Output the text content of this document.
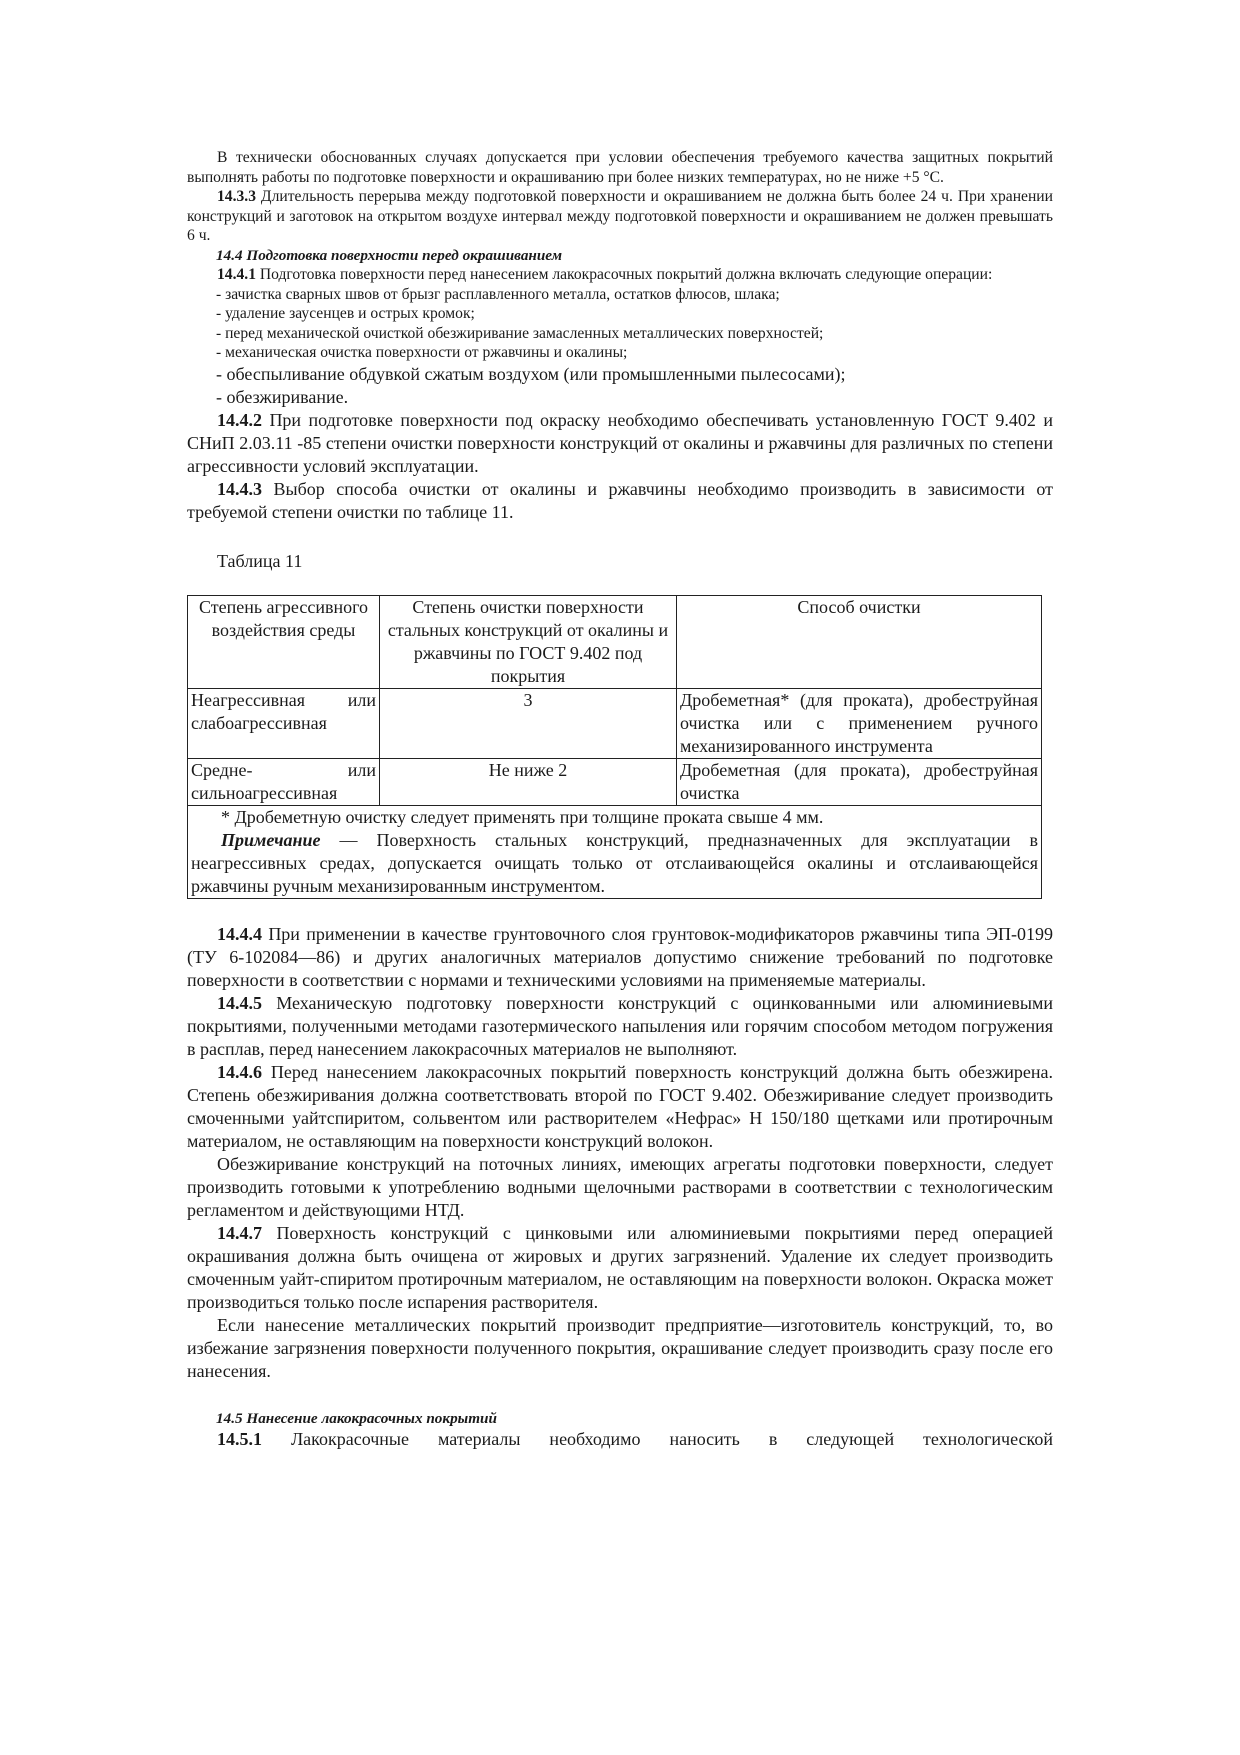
В технически обоснованных случаях допускается при условии обеспечения требуемого качества защитных покрытий выполнять работы по подготовке поверхности и окрашиванию при более низких температурах, но не ниже +5 °С.

14.3.3 Длительность перерыва между подготовкой поверхности и окрашиванием не должна быть более 24 ч. При хранении конструкций и заготовок на открытом воздухе интервал между подготовкой поверхности и окрашиванием не должен превышать 6 ч.

14.4 Подготовка поверхности перед окрашиванием

14.4.1 Подготовка поверхности перед нанесением лакокрасочных покрытий должна включать следующие операции:

- зачистка сварных швов от брызг расплавленного металла, остатков флюсов, шлака;

- удаление заусенцев и острых кромок;

- перед механической очисткой обезжиривание замасленных металлических поверхностей;

- механическая очистка поверхности от ржавчины и окалины;

- обеспыливание обдувкой сжатым воздухом (или промышленными пылесосами);

- обезжиривание.

14.4.2 При подготовке поверхности под окраску необходимо обеспечивать установленную ГОСТ 9.402 и СНиП 2.03.11 -85 степени очистки поверхности конструкций от окалины и ржавчины для различных по степени агрессивности условий эксплуатации.

14.4.3 Выбор способа очистки от окалины и ржавчины необходимо производить в зависимости от требуемой степени очистки по таблице 11.

Таблица 11

Степень агрессивного воздействия среды	Степень очистки поверхности стальных конструкций от окалины и ржавчины по ГОСТ 9.402 под покрытия	Способ очистки
Неагрессивная или слабоагрессивная	3	Дробеметная* (для проката), дробеструйная очистка или с применением ручного механизированного инструмента
Средне- или сильноагрессивная	Не ниже 2	Дробеметная (для проката), дробеструйная очистка

* Дробеметную очистку следует применять при толщине проката свыше 4 мм.

Примечание — Поверхность стальных конструкций, предназначенных для эксплуатации в неагрессивных средах, допускается очищать только от отслаивающейся окалины и отслаивающейся ржавчины ручным механизированным инструментом.		

14.4.4 При применении в качестве грунтовочного слоя грунтовок-модификаторов ржавчины типа ЭП-0199 (ТУ 6-102084—86) и других аналогичных материалов допустимо снижение требований по подготовке поверхности в соответствии с нормами и техническими условиями на применяемые материалы.

14.4.5 Механическую подготовку поверхности конструкций с оцинкованными или алюминиевыми покрытиями, полученными методами газотермического напыления или горячим способом методом погружения в расплав, перед нанесением лакокрасочных материалов не выполняют.

14.4.6 Перед нанесением лакокрасочных покрытий поверхность конструкций должна быть обезжирена. Степень обезжиривания должна соответствовать второй по ГОСТ 9.402. Обезжиривание следует производить смоченными уайтспиритом, сольвентом или растворителем «Нефрас» Н 150/180 щетками или протирочным материалом, не оставляющим на поверхности конструкций волокон.

Обезжиривание конструкций на поточных линиях, имеющих агрегаты подготовки поверхности, следует производить готовыми к употреблению водными щелочными растворами в соответствии с технологическим регламентом и действующими НТД.

14.4.7 Поверхность конструкций с цинковыми или алюминиевыми покрытиями перед операцией окрашивания должна быть очищена от жировых и других загрязнений. Удаление их следует производить смоченным уайт-спиритом протирочным материалом, не оставляющим на поверхности волокон. Окраска может производиться только после испарения растворителя.

Если нанесение металлических покрытий производит предприятие—изготовитель конструкций, то, во избежание загрязнения поверхности полученного покрытия, окрашивание следует производить сразу после его нанесения.

14.5 Нанесение лакокрасочных покрытий

14.5.1 Лакокрасочные материалы необходимо наносить в следующей технологической
